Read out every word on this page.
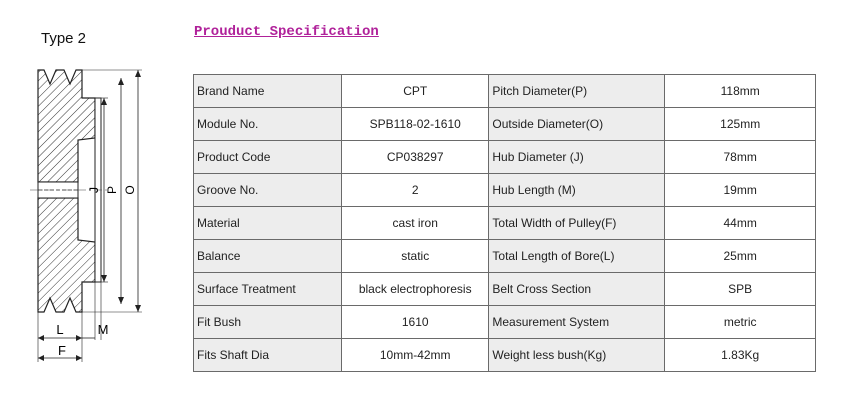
Type 2
J P O
L	M
F
Prouduct Specification
Brand Name	CPT	Pitch Diameter(P)	118mm
Module No.	SPB118-02-1610	Outside Diameter(O)	125mm
Product Code	CP038297	Hub Diameter (J)	78mm
Groove No.	2	Hub Length (M)	19mm
Material	cast iron	Total Width of Pulley(F)	44mm
Balance	static	Total Length of Bore(L)	25mm
Surface Treatment	black electrophoresis	Belt Cross Section	SPB
Fit Bush	1610	Measurement System	metric
Fits Shaft Dia	10mm-42mm	Weight less bush(Kg)	1.83Kg
